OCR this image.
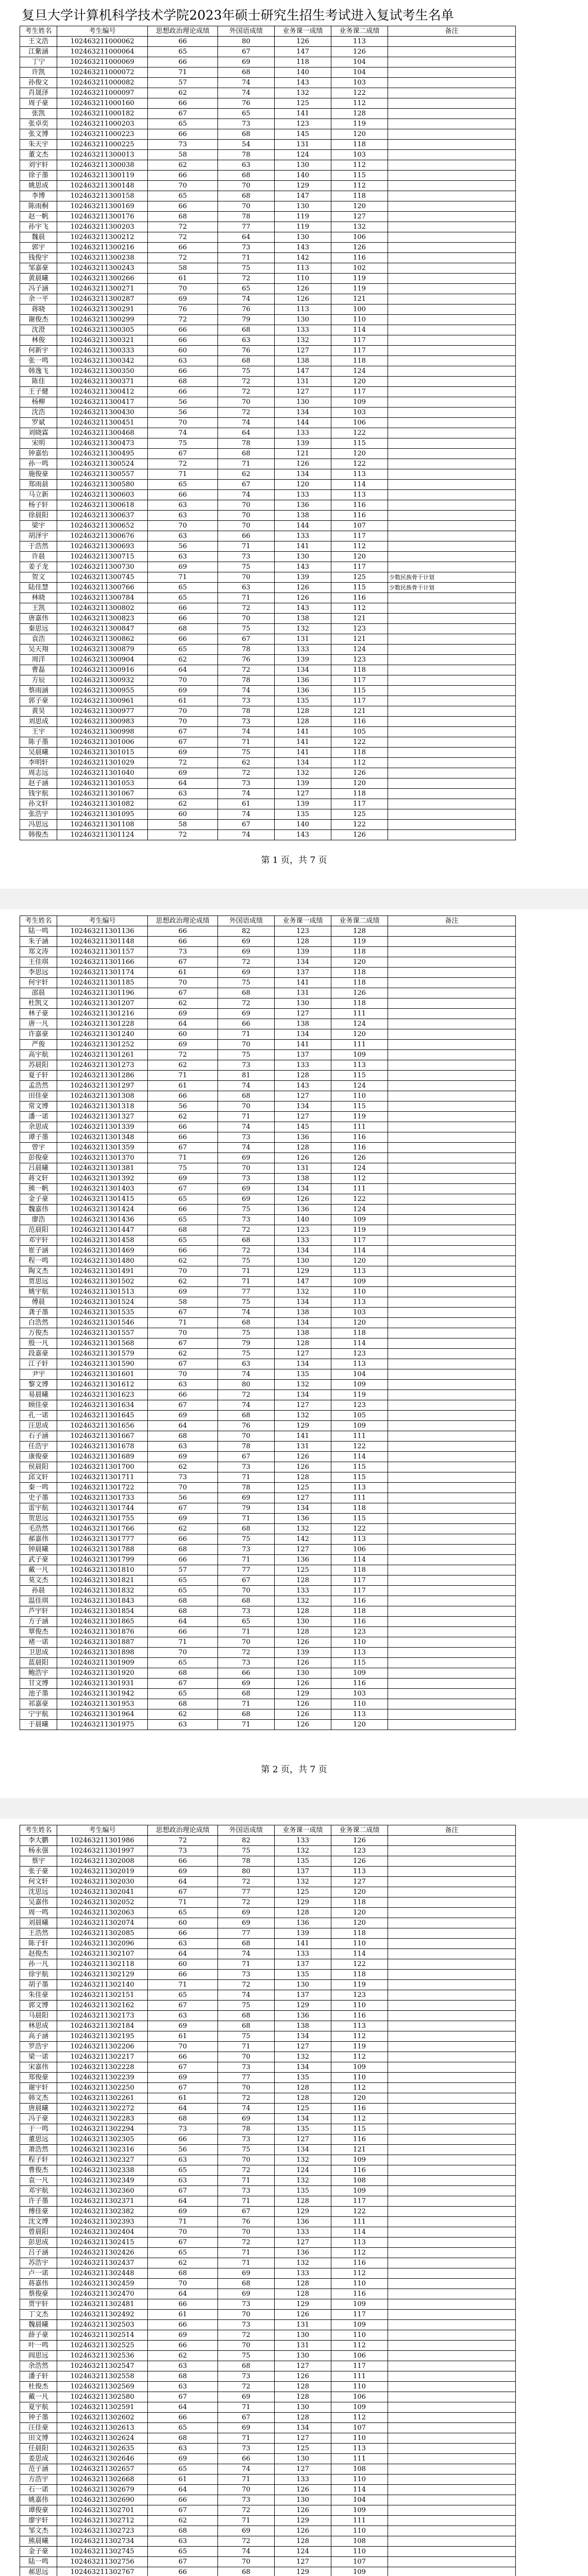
复旦大学计算机科学技术学院2023年硕士研究生招生考试进入复试考生名单
考生姓名	考生编号	思想政治理论成绩	外国语成绩	业务课一成绩	业务课二成绩	备注
王文浩	102463211000062	66	80	126	113	
江紫涵	102463211000064	65	67	147	126	
丁宁	102463211000069	66	69	118	104	
许凯	102463211000072	71	68	140	104	
孙俊文	102463211000082	57	74	143	103	
肖晟泽	102463211000097	62	74	132	122	
周子豪	102463211000160	66	76	125	112	
张凯	102463211000182	67	65	141	128	
张卓奕	102463211000203	65	73	123	119	
张文博	102463211000223	66	68	145	120	
朱天宇	102463211000225	73	54	131	118	
董文杰	102463211300013	58	78	124	103	
刘宇轩	102463211300038	62	63	130	112	
徐子墨	102463211300119	66	68	140	115	
姚思成	102463211300148	70	70	129	112	
李博	102463211300158	65	68	147	118	
陈雨桐	102463211300169	66	70	130	120	
赵一帆	102463211300176	68	78	119	127	
孙宇飞	102463211300203	72	77	119	132	
魏晨	102463211300212	72	64	130	106	
郭宇	102463211300216	66	73	143	126	
钱俊宇	102463211300238	72	71	142	116	
邹嘉豪	102463211300243	58	75	113	102	
黄晨曦	102463211300266	61	72	110	119	
冯子涵	102463211300271	70	65	126	119	
余一平	102463211300287	69	74	126	121	
蒋晓	102463211300291	76	76	113	100	
谢俊杰	102463211300299	72	79	130	110	
沈澄	102463211300305	66	68	133	114	
林俊	102463211300321	66	63	132	117	
何新宇	102463211300333	60	76	127	117	
张一鸣	102463211300342	63	68	138	118	
韩逸飞	102463211300350	66	75	147	124	
陈佳	102463211300371	68	72	131	120	
王子健	102463211300412	66	72	127	117	
杨柳	102463211300417	56	70	130	109	
沈浩	102463211300430	56	72	134	103	
罗斌	102463211300451	70	74	144	106	
刘晓霖	102463211300468	74	64	133	122	
宋明	102463211300473	75	78	139	115	
钟嘉怡	102463211300495	67	68	121	120	
孙一鸣	102463211300524	72	71	126	122	
施俊豪	102463211300557	71	62	134	113	
郑雨晨	102463211300580	65	67	120	114	
马立新	102463211300603	66	74	133	113	
杨子轩	102463211300618	63	70	136	116	
徐晨阳	102463211300637	63	70	138	116	
梁宇	102463211300652	70	70	144	107	
胡泽宇	102463211300676	63	66	133	117	
于浩然	102463211300693	56	71	141	112	
许晨	102463211300715	63	73	130	120	
姜子龙	102463211300730	69	75	143	117	
贺文	102463211300745	71	70	139	125	少数民族骨干计划
陆佳慧	102463211300766	65	63	126	115	少数民族骨干计划
林晓	102463211300784	65	71	126	116	
王凯	102463211300802	66	72	143	112	
唐嘉伟	102463211300823	66	70	138	121	
秦思远	102463211300847	68	75	132	123	
袁浩	102463211300862	66	67	131	121	
吴天翔	102463211300879	65	78	133	124	
周洋	102463211300904	62	76	139	123	
曹磊	102463211300916	64	72	134	118	
方辰	102463211300932	70	78	136	117	
蔡雨涵	102463211300955	69	74	136	115	
郭子豪	102463211300961	61	73	135	117	
黄昊	102463211300977	70	78	128	121	
刘思成	102463211300983	70	73	128	116	
王宇	102463211300998	67	74	141	105	
陈子墨	102463211301006	67	71	141	122	
吴晨曦	102463211301015	69	75	141	118	
李明轩	102463211301029	72	62	134	112	
周志远	102463211301040	69	72	132	126	
赵子涵	102463211301053	64	73	139	120	
钱宇航	102463211301067	63	74	127	118	
孙文轩	102463211301082	62	61	139	117	
张浩宇	102463211301095	60	74	135	125	
冯思远	102463211301108	58	67	140	122	
韩俊杰	102463211301124	72	74	143	126	
第 1 页，共 7 页
考生姓名	考生编号	思想政治理论成绩	外国语成绩	业务课一成绩	业务课二成绩	备注
陆一鸣	102463211301136	66	82	123	128	
朱子涵	102463211301148	66	69	128	119	
郑文涛	102463211301157	73	69	139	118	
王佳琪	102463211301166	67	72	134	120	
李思远	102463211301174	61	69	137	118	
何宇轩	102463211301185	70	75	141	118	
邵晨	102463211301196	67	68	131	126	
杜凯文	102463211301207	62	72	130	118	
林子豪	102463211301216	69	69	127	111	
唐一凡	102463211301228	64	66	138	124	
许嘉豪	102463211301240	60	71	134	120	
严俊	102463211301252	69	70	141	111	
高宇航	102463211301261	72	75	137	109	
苏晨阳	102463211301273	62	73	133	113	
夏子轩	102463211301286	71	81	128	115	
孟浩然	102463211301297	61	74	143	124	
田佳豪	102463211301308	66	68	127	110	
常文博	102463211301318	56	70	134	115	
潘一诺	102463211301327	62	71	127	119	
余思成	102463211301339	66	74	145	111	
谭子墨	102463211301348	66	73	136	116	
曾宇	102463211301359	67	74	128	116	
彭俊豪	102463211301370	71	69	126	126	
吕晨曦	102463211301381	75	70	131	124	
蒋文轩	102463211301392	69	73	138	112	
熊一帆	102463211301403	67	69	134	111	
金子豪	102463211301415	65	69	126	122	
魏嘉伟	102463211301424	66	75	136	124	
廖浩	102463211301436	65	73	140	109	
范晨阳	102463211301447	68	72	123	119	
邓宇轩	102463211301458	65	68	133	117	
崔子涵	102463211301469	66	72	134	114	
程一鸣	102463211301480	62	75	130	120	
陶文杰	102463211301491	70	71	129	113	
贾思远	102463211301502	62	71	147	109	
姚宇航	102463211301513	69	77	132	110	
傅晨	102463211301524	58	75	134	113	
龚子墨	102463211301535	67	74	138	103	
白浩然	102463211301546	71	68	134	120	
万俊杰	102463211301557	70	75	138	118	
殷一凡	102463211301568	67	79	128	114	
段嘉豪	102463211301579	62	75	127	123	
江子轩	102463211301590	67	63	134	113	
尹宇	102463211301601	70	74	135	104	
黎文博	102463211301612	63	80	132	109	
易晨曦	102463211301623	66	72	134	119	
顾佳豪	102463211301634	67	74	127	123	
孔一诺	102463211301645	69	68	132	105	
汪思成	102463211301656	64	76	129	109	
石子涵	102463211301667	68	70	141	111	
任浩宇	102463211301678	63	78	131	122	
康俊豪	102463211301689	69	67	126	114	
侯晨阳	102463211301700	62	73	126	115	
邱文轩	102463211301711	73	71	128	115	
秦一鸣	102463211301722	70	78	125	113	
史子墨	102463211301733	56	69	127	111	
雷宇航	102463211301744	67	79	134	118	
贺思远	102463211301755	69	71	136	115	
毛浩然	102463211301766	62	68	132	122	
郝嘉伟	102463211301777	66	75	142	113	
钟晨曦	102463211301788	68	73	127	106	
武子豪	102463211301799	66	71	136	114	
戴一凡	102463211301810	57	77	125	118	
莫文杰	102463211301821	65	67	128	117	
孙晨	102463211301832	65	70	133	117	
温佳琪	102463211301843	68	68	132	116	
芦宇轩	102463211301854	68	73	128	118	
方子涵	102463211301865	64	65	130	116	
覃俊杰	102463211301876	66	71	128	123	
褚一诺	102463211301887	71	70	126	110	
卫思成	102463211301898	70	72	139	113	
蓝晨阳	102463211301909	65	73	126	115	
鲍浩宇	102463211301920	68	66	130	109	
甘文博	102463211301931	67	69	126	116	
池子墨	102463211301942	65	68	129	103	
祁嘉豪	102463211301953	68	71	126	110	
宁宇航	102463211301964	62	68	126	113	
于晨曦	102463211301975	63	71	126	120	
第 2 页，共 7 页
考生姓名	考生编号	思想政治理论成绩	外国语成绩	业务课一成绩	业务课二成绩	备注
李大鹏	102463211301986	72	82	133	126	
杨永强	102463211301997	73	75	132	123	
蔡宇	102463211302008	66	78	135	126	
张子豪	102463211302019	69	80	137	113	
何文轩	102463211302030	64	72	132	127	
沈思远	102463211302041	67	77	125	120	
吴嘉伟	102463211302052	71	72	129	118	
周一鸣	102463211302063	65	69	128	120	
刘晨曦	102463211302074	60	69	136	120	
王浩然	102463211302085	66	77	139	118	
陈子轩	102463211302096	63	68	141	110	
赵俊杰	102463211302107	64	74	133	114	
孙一凡	102463211302118	60	71	137	122	
徐宇航	102463211302129	66	73	135	118	
胡子墨	102463211302140	71	72	130	119	
朱佳豪	102463211302151	65	74	137	123	
郭文博	102463211302162	67	75	129	110	
马晨阳	102463211302173	63	68	136	116	
林思成	102463211302184	69	68	138	113	
高子涵	102463211302195	61	75	134	112	
罗浩宇	102463211302206	70	71	127	119	
梁一诺	102463211302217	66	70	132	112	
宋嘉伟	102463211302228	67	73	134	109	
郑俊豪	102463211302239	69	77	135	110	
谢宇轩	102463211302250	67	70	128	112	
韩文杰	102463211302261	61	72	128	120	
唐晨曦	102463211302272	64	74	125	116	
冯子豪	102463211302283	68	69	134	112	
于一鸣	102463211302294	73	78	135	115	
董思远	102463211302305	66	73	127	116	
萧浩然	102463211302316	56	75	134	121	
程子轩	102463211302327	63	70	132	109	
曹俊杰	102463211302338	65	72	124	116	
袁一凡	102463211302349	63	71	132	108	
邓宇航	102463211302360	67	73	135	109	
许子墨	102463211302371	64	71	128	117	
傅佳豪	102463211302382	69	67	129	122	
沈文博	102463211302393	71	76	136	111	
曾晨阳	102463211302404	70	70	133	114	
彭思成	102463211302415	67	72	127	113	
吕子涵	102463211302426	65	71	136	112	
苏浩宇	102463211302437	62	71	132	116	
卢一诺	102463211302448	68	69	133	112	
蒋嘉伟	102463211302459	70	68	128	110	
蔡俊豪	102463211302470	64	69	128	116	
贾宇轩	102463211302481	66	73	129	109	
丁文杰	102463211302492	61	70	126	117	
魏晨曦	102463211302503	66	73	131	109	
薛子豪	102463211302514	69	72	130	110	
叶一鸣	102463211302525	66	70	131	112	
阎思远	102463211302536	62	75	130	106	
余浩然	102463211302547	63	68	127	117	
潘子轩	102463211302558	68	73	126	111	
杜俊杰	102463211302569	63	72	128	110	
戴一凡	102463211302580	67	69	128	106	
夏宇航	102463211302591	64	71	130	109	
钟子墨	102463211302602	66	67	128	112	
汪佳豪	102463211302613	65	69	134	107	
田文博	102463211302624	68	71	127	110	
任晨阳	102463211302635	63	73	125	113	
姜思成	102463211302646	69	66	130	111	
范子涵	102463211302657	65	74	127	108	
方浩宇	102463211302668	61	71	133	110	
石一诺	102463211302679	64	70	126	114	
姚嘉伟	102463211302690	66	73	130	104	
谭俊豪	102463211302701	67	72	126	109	
廖宇轩	102463211302712	62	71	129	111	
邹文杰	102463211302723	68	69	126	110	
熊晨曦	102463211302734	63	72	128	108	
金子豪	102463211302745	65	74	124	110	
陆一鸣	102463211302756	67	70	127	107	
郝思远	102463211302767	66	68	129	109	
